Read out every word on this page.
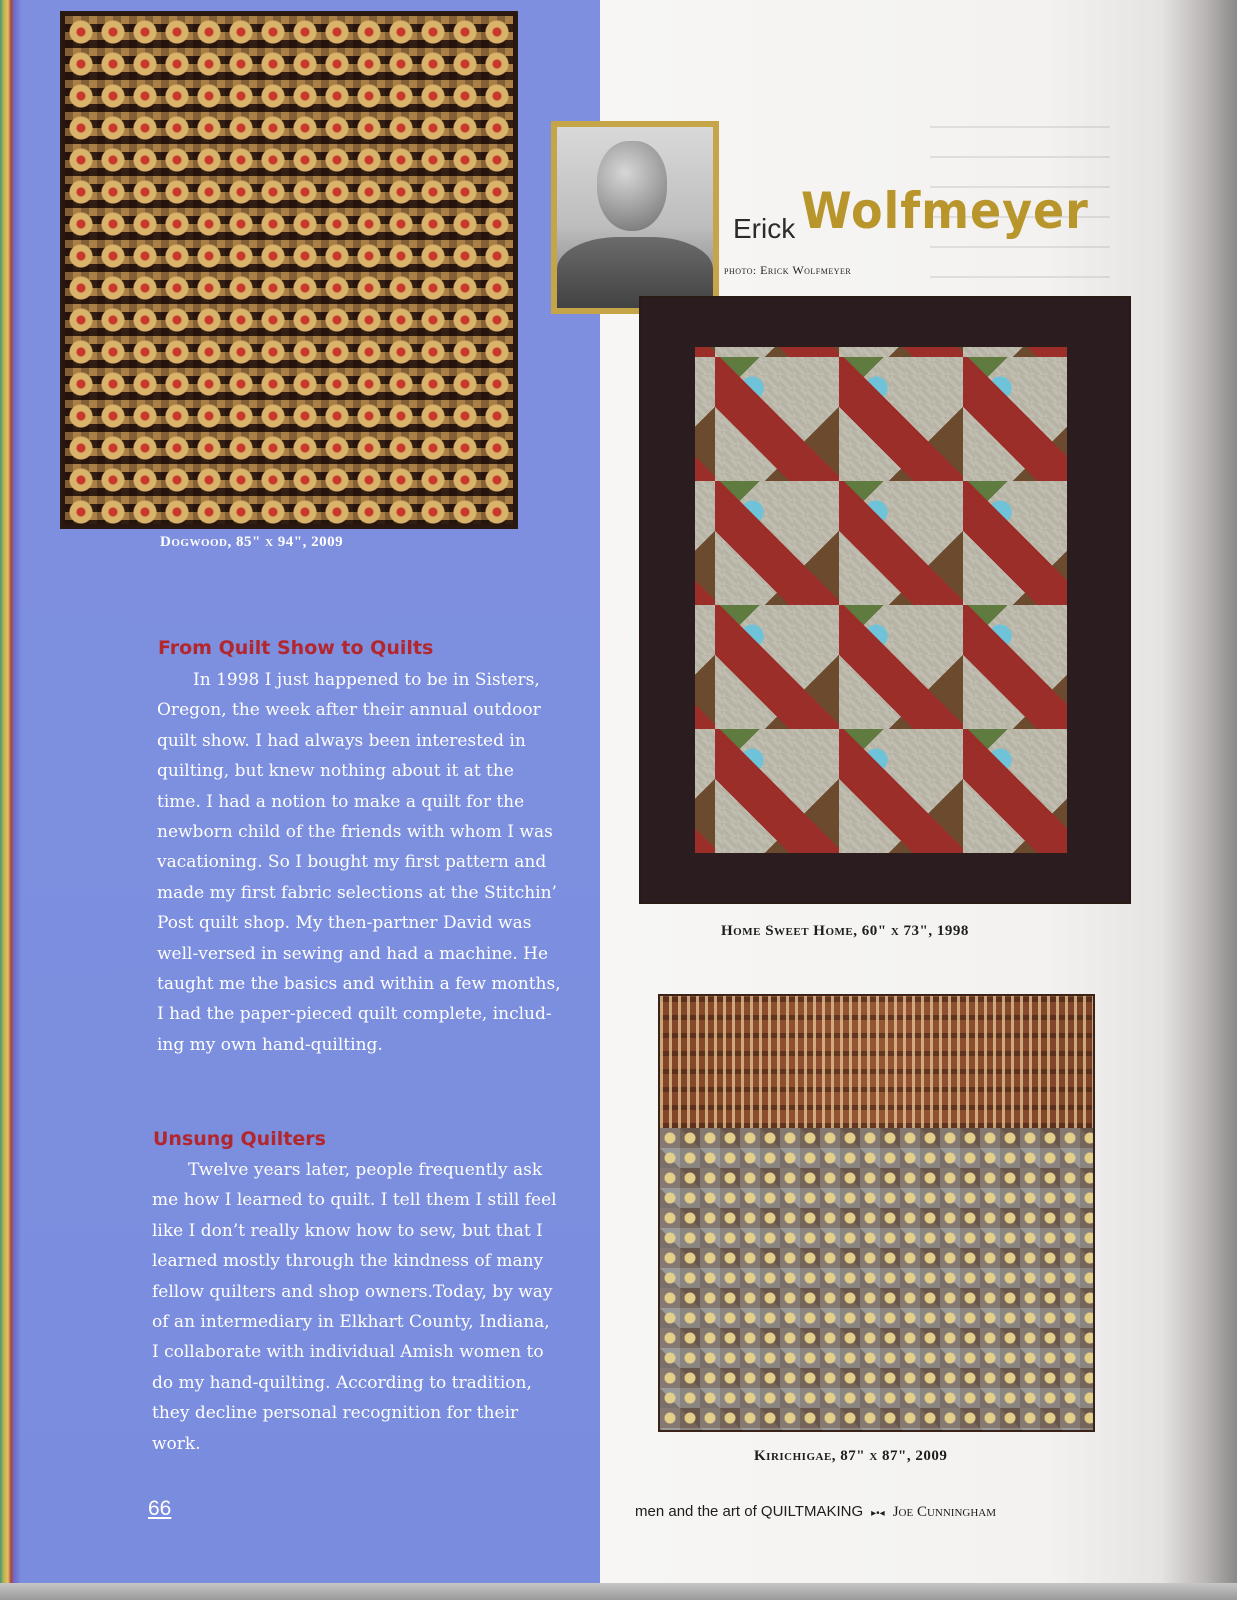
Dogwood, 85" x 94", 2009
Erick Wolfmeyer
photo: Erick Wolfmeyer
Home Sweet Home, 60" x 73", 1998
Kirichigae, 87" x 87", 2009
From Quilt Show to Quilts
In 1998 I just happened to be in Sisters,
Oregon, the week after their annual outdoor
quilt show. I had always been interested in
quilting, but knew nothing about it at the
time. I had a notion to make a quilt for the
newborn child of the friends with whom I was
vacationing. So I bought my first pattern and
made my first fabric selections at the Stitchin’
Post quilt shop. My then-partner David was
well-versed in sewing and had a machine. He
taught me the basics and within a few months,
I had the paper-pieced quilt complete, includ-
ing my own hand-quilting.
Unsung Quilters
Twelve years later, people frequently ask
me how I learned to quilt. I tell them I still feel
like I don’t really know how to sew, but that I
learned mostly through the kindness of many
fellow quilters and shop owners.Today, by way
of an intermediary in Elkhart County, Indiana,
I collaborate with individual Amish women to
do my hand-quilting. According to tradition,
they decline personal recognition for their
work.
66	men and the art of QUILTMAKING ▸•◂ Joe Cunningham
